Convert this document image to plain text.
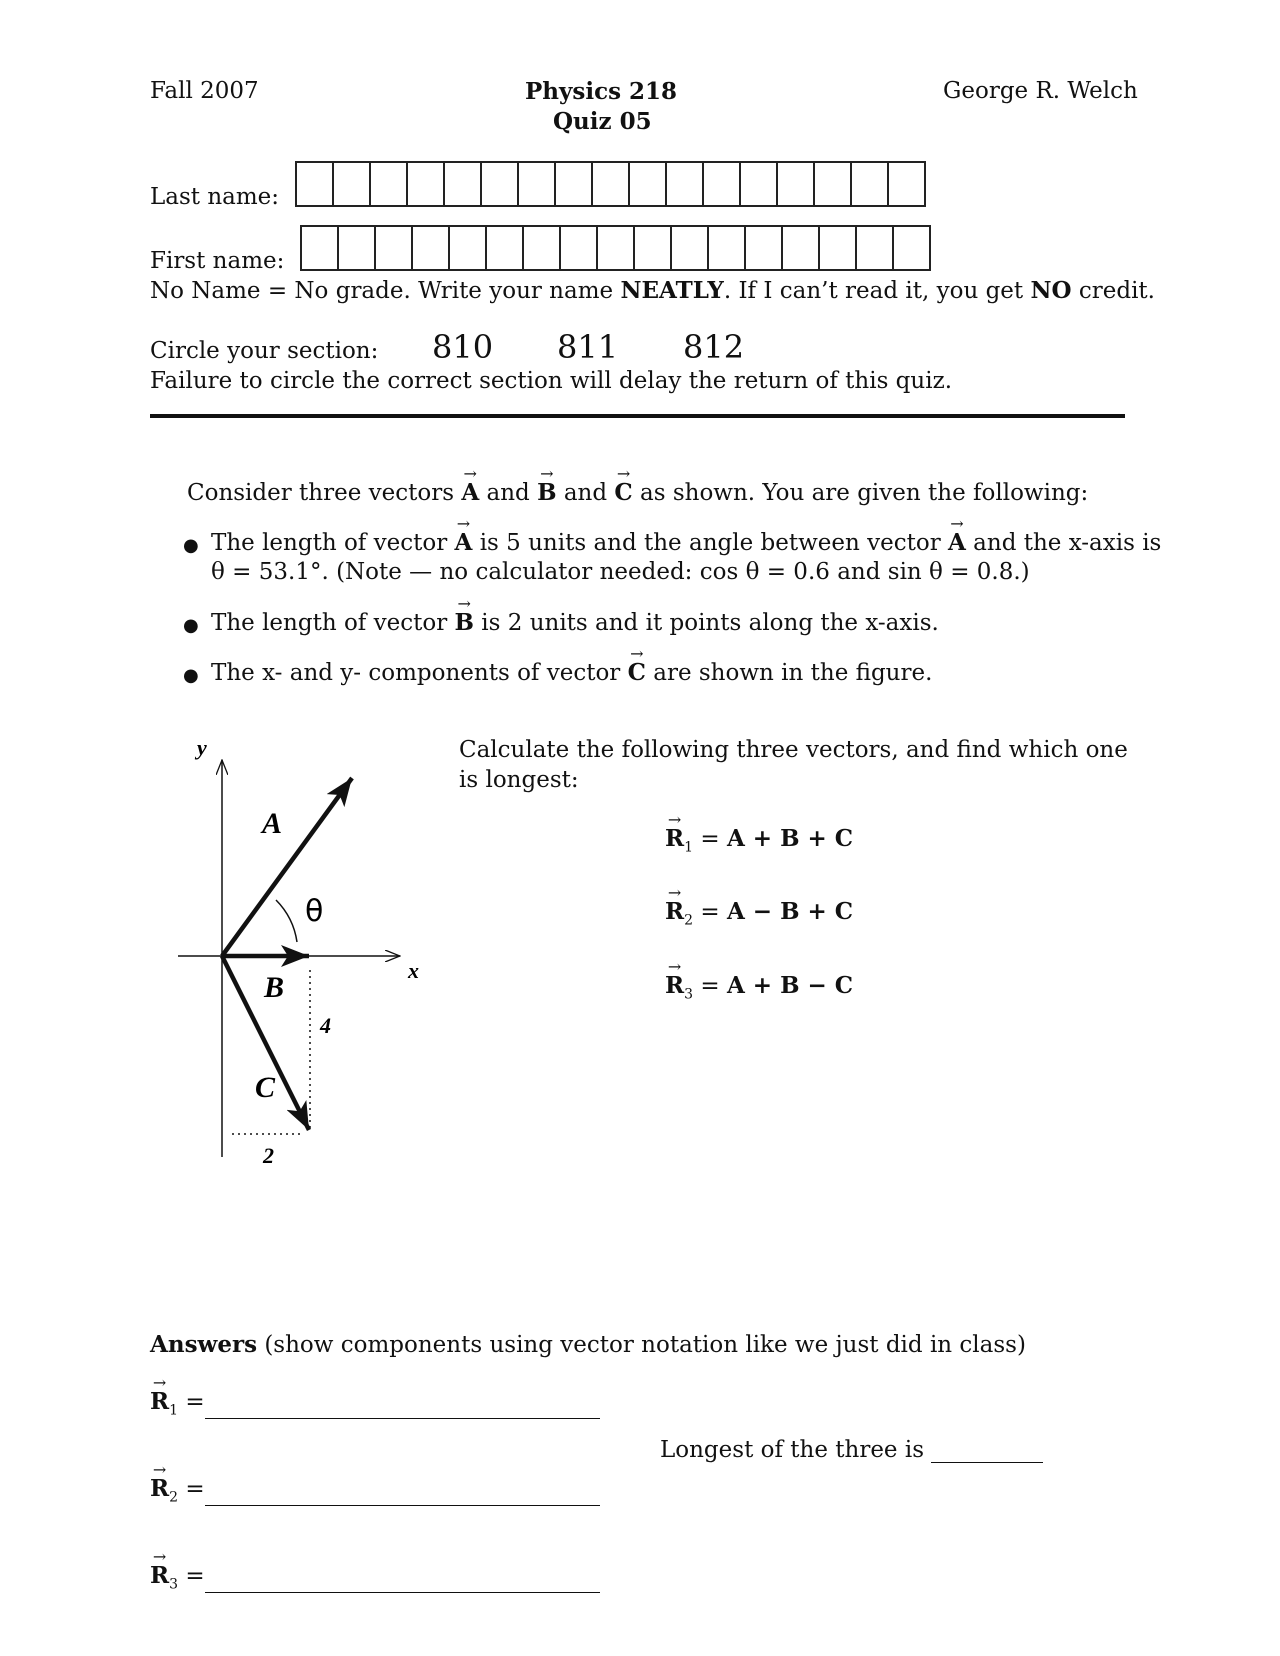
Fall 2007	Physics 218
Quiz 05
George R. Welch
Last name:
First name:
No Name = No grade. Write your name NEATLY. If I can’t read it, you get NO credit.
Circle your section: 810 811 812
Failure to circle the correct section will delay the return of this quiz.
Consider three vectors → A and → B and → C as shown. You are given the following:
● The length of vector → A is 5 units and the angle between vector → A and the x-axis is
θ = 53.1°. (Note — no calculator needed: cos θ = 0.6 and sin θ = 0.8.)
● The length of vector → B is 2 units and it points along the x-axis.
● The x- and y- components of vector → C are shown in the figure.
y
x
A
B
C
θ
4
2
Calculate the following three vectors, and find which one
is longest:
→ $R_1 = A + B + C$
→ $R_2 = A - B + C$
→ $R_3 = A + B - C$
Answers (show components using vector notation like we just did in class)
→ $R_1$ =
→ $R_2$ =
→ $R_3$ =
Longest of the three is
